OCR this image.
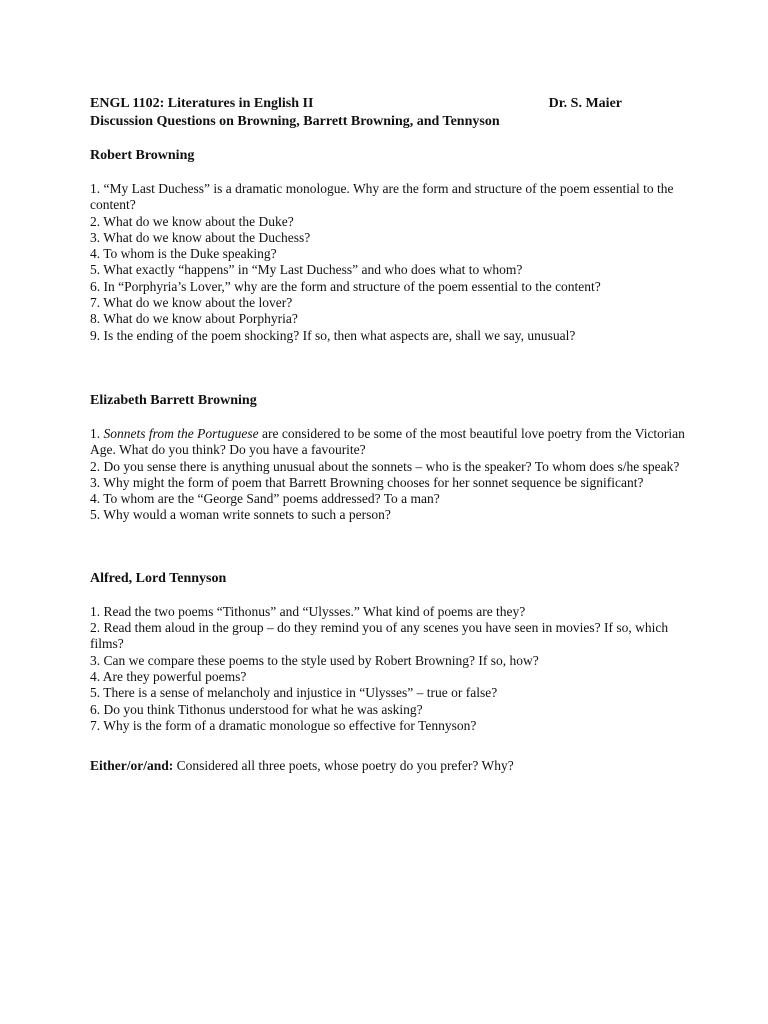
ENGL 1102: Literatures in English II	Dr. S. Maier
Discussion Questions on Browning, Barrett Browning, and Tennyson
Robert Browning
1. “My Last Duchess” is a dramatic monologue. Why are the form and structure of the poem essential to the content?
2. What do we know about the Duke?
3. What do we know about the Duchess?
4. To whom is the Duke speaking?
5. What exactly “happens” in “My Last Duchess” and who does what to whom?
6. In “Porphyria’s Lover,” why are the form and structure of the poem essential to the content?
7. What do we know about the lover?
8. What do we know about Porphyria?
9. Is the ending of the poem shocking? If so, then what aspects are, shall we say, unusual?
Elizabeth Barrett Browning
1. Sonnets from the Portuguese are considered to be some of the most beautiful love poetry from the Victorian Age. What do you think? Do you have a favourite?
2. Do you sense there is anything unusual about the sonnets – who is the speaker? To whom does s/he speak?
3. Why might the form of poem that Barrett Browning chooses for her sonnet sequence be significant?
4. To whom are the “George Sand” poems addressed? To a man?
5. Why would a woman write sonnets to such a person?
Alfred, Lord Tennyson
1. Read the two poems “Tithonus” and “Ulysses.” What kind of poems are they?
2. Read them aloud in the group – do they remind you of any scenes you have seen in movies? If so, which films?
3. Can we compare these poems to the style used by Robert Browning? If so, how?
4. Are they powerful poems?
5. There is a sense of melancholy and injustice in “Ulysses” – true or false?
6. Do you think Tithonus understood for what he was asking?
7. Why is the form of a dramatic monologue so effective for Tennyson?
Either/or/and: Considered all three poets, whose poetry do you prefer? Why?
